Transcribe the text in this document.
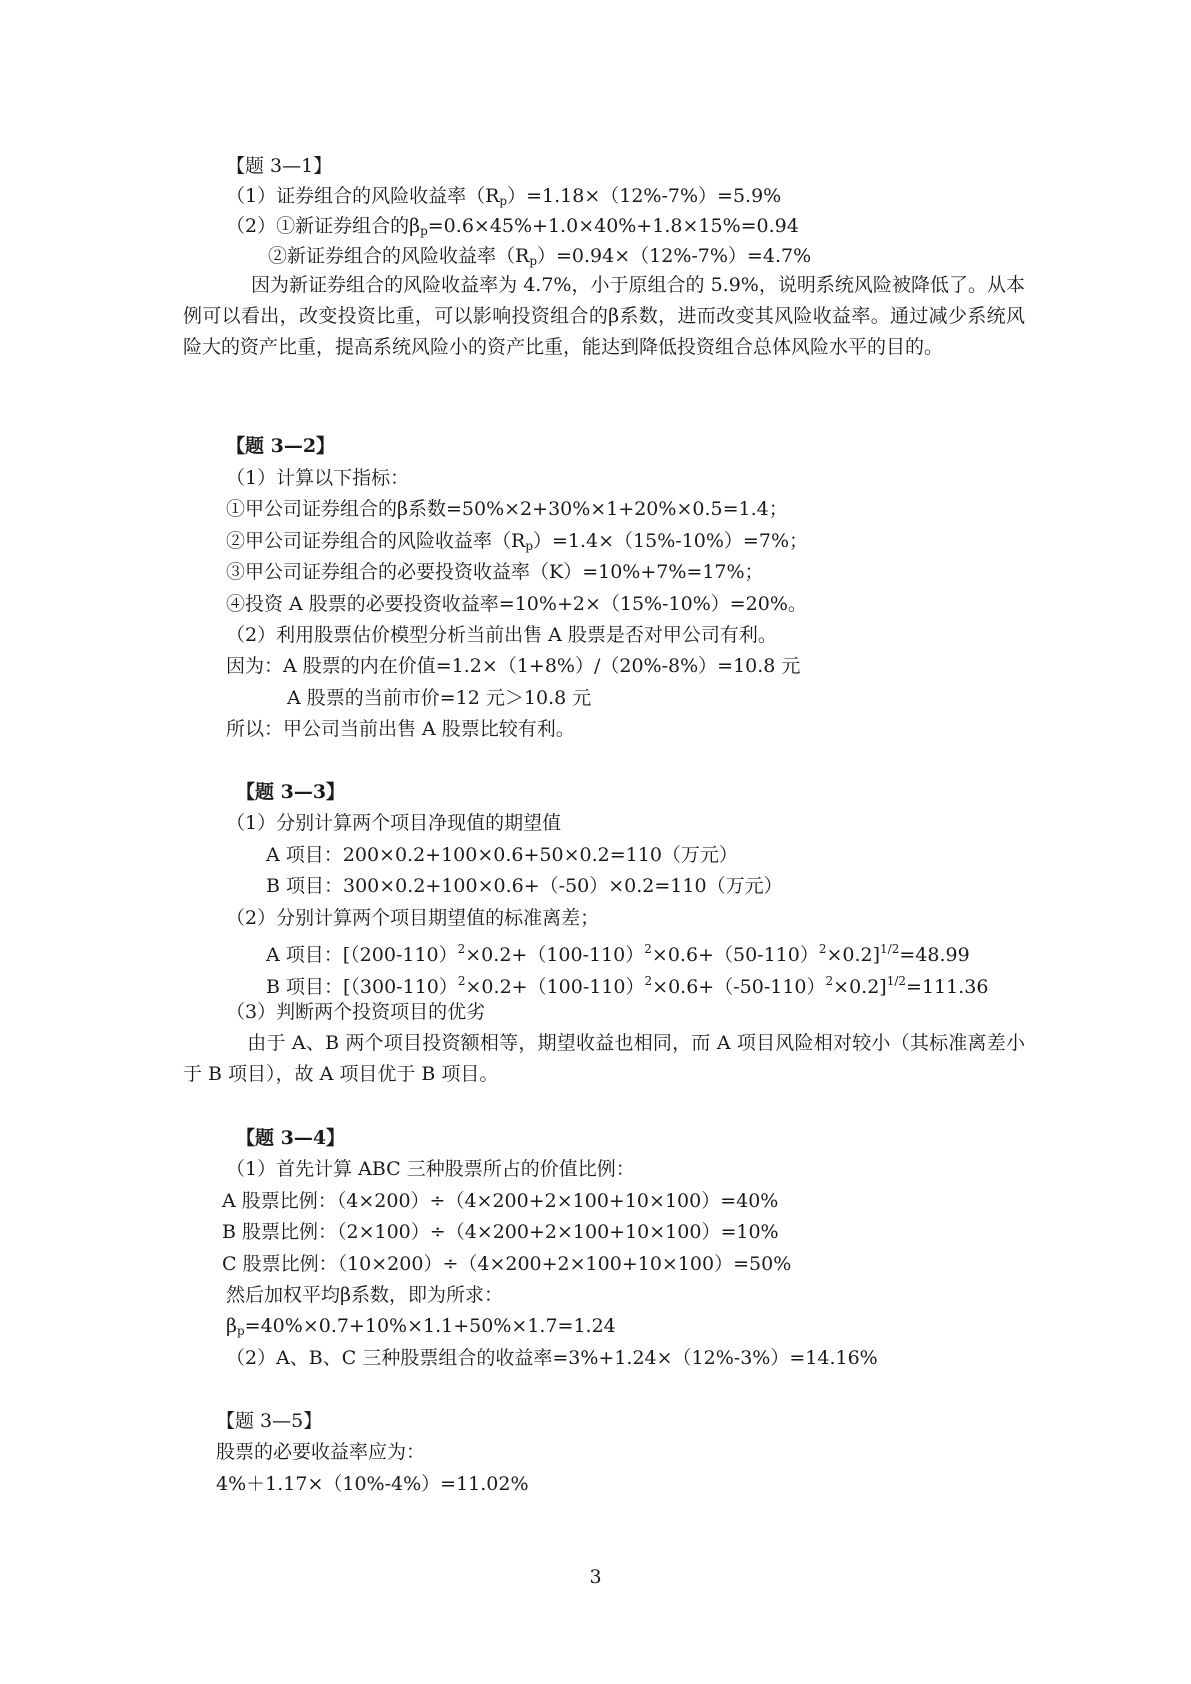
【题 3—1】
（1）证券组合的风险收益率$(R_p)=1.18\times(12\%-7\%)=5.9\%$
（2）①新证券组合的$\beta_p=0.6\times 45\%+1.0\times 40\%+1.8\times 15\%=0.94$
②新证券组合的风险收益率$(R_p)=0.94\times(12\%-7\%)=4.7\%$
因为新证券组合的风险收益率为 4.7%，小于原组合的 5.9%，说明系统风险被降低了。从本例可以看出，改变投资比重，可以影响投资组合的β系数，进而改变其风险收益率。通过减少系统风险大的资产比重，提高系统风险小的资产比重，能达到降低投资组合总体风险水平的目的。
【题 3—2】
（1）计算以下指标：
①甲公司证券组合的β系数=50%×2+30%×1+20%×0.5=1.4；
②甲公司证券组合的风险收益率$(R_p)=1.4\times(15\%-10\%)=7\%$；
③甲公司证券组合的必要投资收益率（K）=10%+7%=17%；
④投资 A 股票的必要投资收益率=10%+2×（15%-10%）=20%。
（2）利用股票估价模型分析当前出售 A 股票是否对甲公司有利。
因为：A 股票的内在价值=1.2×（1+8%）/（20%-8%）=10.8 元
A 股票的当前市价=12 元＞10.8 元
所以：甲公司当前出售 A 股票比较有利。
【题 3—3】
（1）分别计算两个项目净现值的期望值
A 项目：200×0.2+100×0.6+50×0.2=110（万元）
B 项目：300×0.2+100×0.6+（-50）×0.2=110（万元）
（2）分别计算两个项目期望值的标准离差；
A 项目：$[(200-110)^2\times 0.2+(100-110)^2\times 0.6+(50-110)^2\times 0.2]^{1/2}=48.99$
B 项目：$[(300-110)^2\times 0.2+(100-110)^2\times 0.6+(-50-110)^2\times 0.2]^{1/2}=111.36$
（3）判断两个投资项目的优劣
由于 A、B 两个项目投资额相等，期望收益也相同，而 A 项目风险相对较小（其标准离差小于 B 项目），故 A 项目优于 B 项目。
【题 3—4】
（1）首先计算 ABC 三种股票所占的价值比例：
A 股票比例：（4×200）÷（4×200+2×100+10×100）=40%
B 股票比例：（2×100）÷（4×200+2×100+10×100）=10%
C 股票比例：（10×200）÷（4×200+2×100+10×100）=50%
然后加权平均β系数，即为所求：
$\beta_p=40\%\times 0.7+10\%\times 1.1+50\%\times 1.7=1.24$
（2）A、B、C 三种股票组合的收益率=3%+1.24×（12%-3%）=14.16%
【题 3—5】
股票的必要收益率应为：
4%＋1.17×（10%-4%）=11.02%
3
